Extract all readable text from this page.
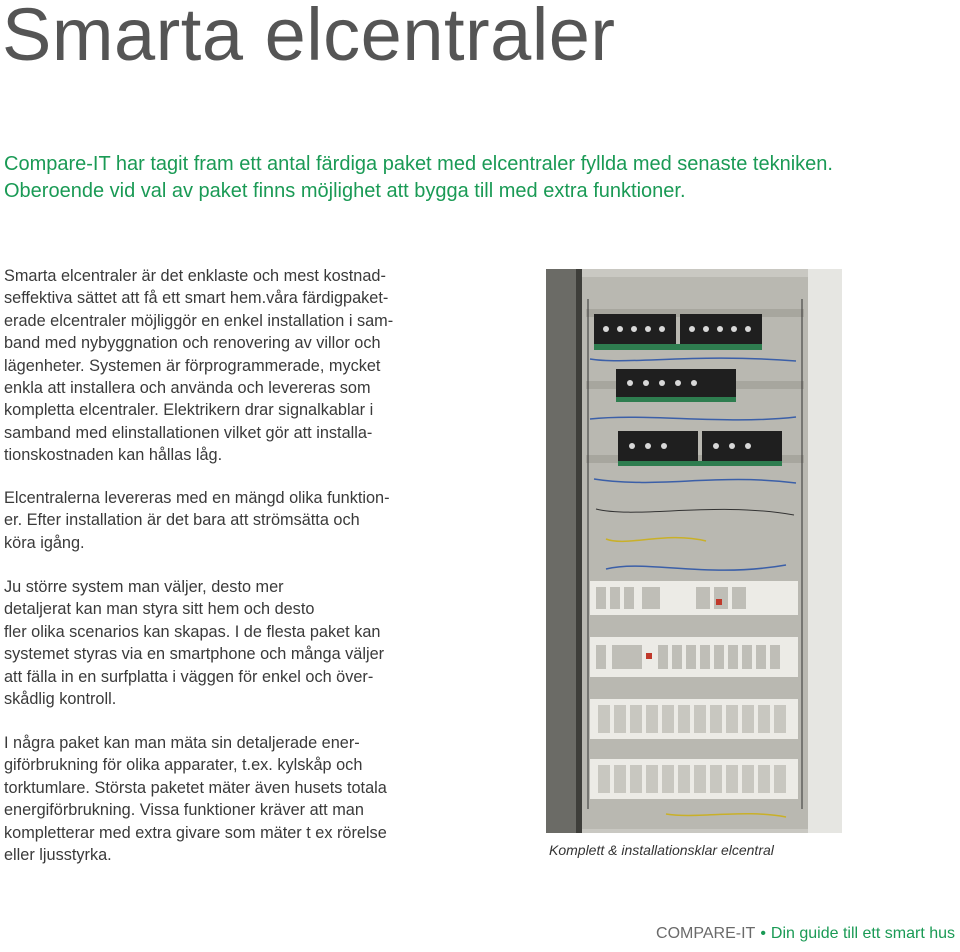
Smarta elcentraler

Compare-IT har tagit fram ett antal färdiga paket med elcentraler fyllda med senaste tekniken. Oberoende vid val av paket finns möjlighet att bygga till med extra funktioner.

Smarta elcentraler är det enklaste och mest kostnad-
seffektiva sättet att få ett smart hem.våra färdigpaket-
erade elcentraler möjliggör en enkel installation i sam-
band med nybyggnation och renovering av villor och
lägenheter. Systemen är förprogrammerade, mycket
enkla att installera och använda och levereras som
kompletta elcentraler. Elektrikern drar signalkablar i
samband med elinstallationen vilket gör att installa-
tionskostnaden kan hållas låg.

Elcentralerna levereras med en mängd olika funktion-
er. Efter installation är det bara att strömsätta och
köra igång.

Ju större system man väljer, desto mer
detaljerat kan man styra sitt hem och desto
fler olika scenarios kan skapas. I de flesta paket kan
systemet styras via en smartphone och många väljer
att fälla in en surfplatta i väggen för enkel och över-
skådlig kontroll.

I några paket kan man mäta sin detaljerade ener-
giförbrukning för olika apparater, t.ex. kylskåp och
torktumlare. Största paketet mäter även husets totala
energiförbrukning. Vissa funktioner kräver att man
kompletterar med extra givare som mäter t ex rörelse
eller ljusstyrka.	Komplett & installationsklar elcentral

COMPARE-IT • Din guide till ett smart hus
